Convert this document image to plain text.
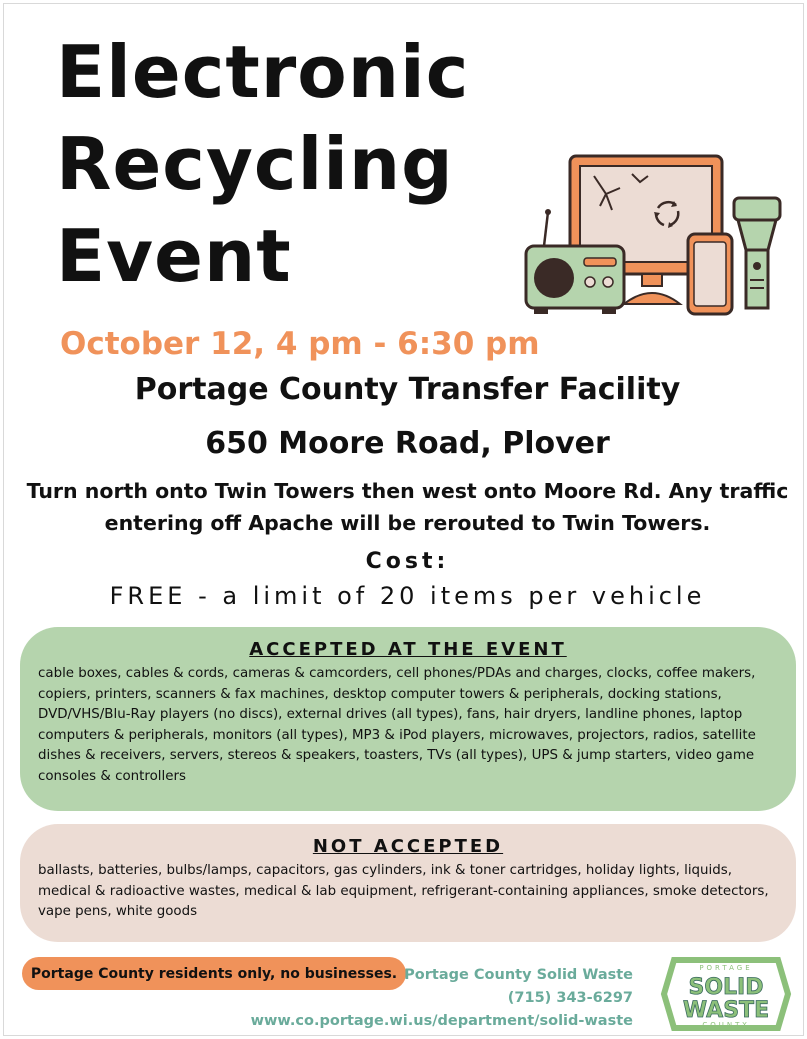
Electronic
Recycling
Event
October 12, 4 pm - 6:30 pm
Portage County Transfer Facility
650 Moore Road, Plover
Turn north onto Twin Towers then west onto Moore Rd. Any traffic entering off Apache will be rerouted to Twin Towers.
Cost:
FREE - a limit of 20 items per vehicle
ACCEPTED AT THE EVENT

cable boxes, cables & cords, cameras & camcorders, cell phones/PDAs and charges, clocks, coffee makers, copiers, printers, scanners & fax machines, desktop computer towers & peripherals, docking stations, DVD/VHS/Blu-Ray players (no discs), external drives (all types), fans, hair dryers, landline phones, laptop computers & peripherals, monitors (all types), MP3 & iPod players, microwaves, projectors, radios, satellite dishes & receivers, servers, stereos & speakers, toasters, TVs (all types), UPS & jump starters, video game consoles & controllers

NOT ACCEPTED

ballasts, batteries, bulbs/lamps, capacitors, gas cylinders, ink & toner cartridges, holiday lights, liquids, medical & radioactive wastes, medical & lab equipment, refrigerant-containing appliances, smoke detectors, vape pens, white goods

Portage County residents only, no businesses. Portage County Solid Waste
(715) 343-6297
www.co.portage.wi.us/department/solid-waste
PORTAGE
SOLID
WASTE
COUNTY
